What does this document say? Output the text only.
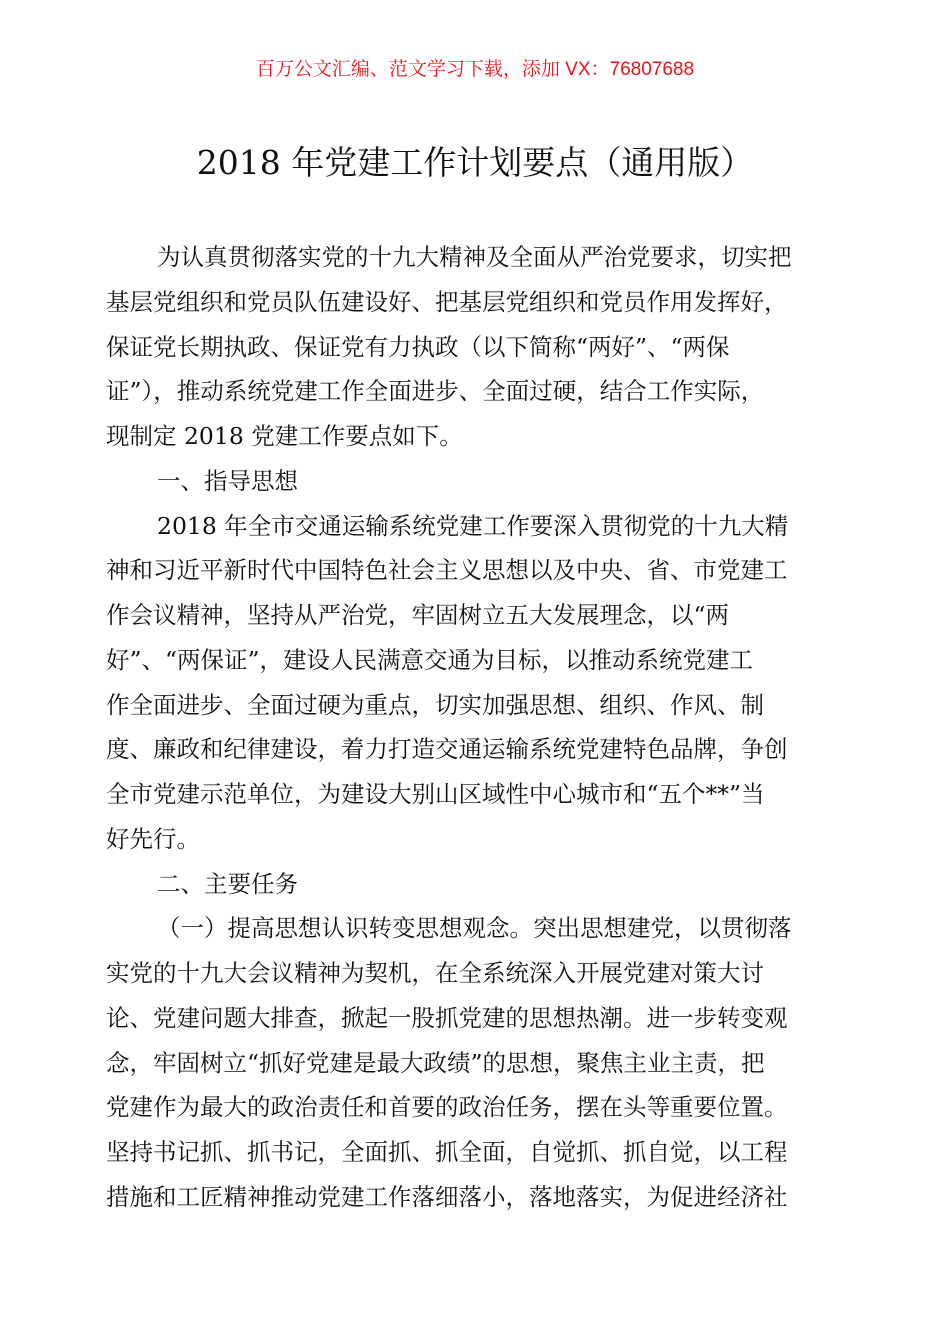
百万公文汇编、范文学习下载，添加 VX：76807688
2018 年党建工作计划要点（通用版）
为认真贯彻落实党的十九大精神及全面从严治党要求，切实把
基层党组织和党员队伍建设好、把基层党组织和党员作用发挥好，
保证党长期执政、保证党有力执政（以下简称“两好”、“两保
证”），推动系统党建工作全面进步、全面过硬，结合工作实际，
现制定 2018 党建工作要点如下。
一、指导思想
2018 年全市交通运输系统党建工作要深入贯彻党的十九大精
神和习近平新时代中国特色社会主义思想以及中央、省、市党建工
作会议精神，坚持从严治党，牢固树立五大发展理念，以“两
好”、“两保证”，建设人民满意交通为目标，以推动系统党建工
作全面进步、全面过硬为重点，切实加强思想、组织、作风、制
度、廉政和纪律建设，着力打造交通运输系统党建特色品牌，争创
全市党建示范单位，为建设大别山区域性中心城市和“五个**”当
好先行。
二、主要任务
（一）提高思想认识转变思想观念。突出思想建党，以贯彻落
实党的十九大会议精神为契机，在全系统深入开展党建对策大讨
论、党建问题大排查，掀起一股抓党建的思想热潮。进一步转变观
念，牢固树立“抓好党建是最大政绩”的思想，聚焦主业主责，把
党建作为最大的政治责任和首要的政治任务，摆在头等重要位置。
坚持书记抓、抓书记，全面抓、抓全面，自觉抓、抓自觉，以工程
措施和工匠精神推动党建工作落细落小，落地落实，为促进经济社
